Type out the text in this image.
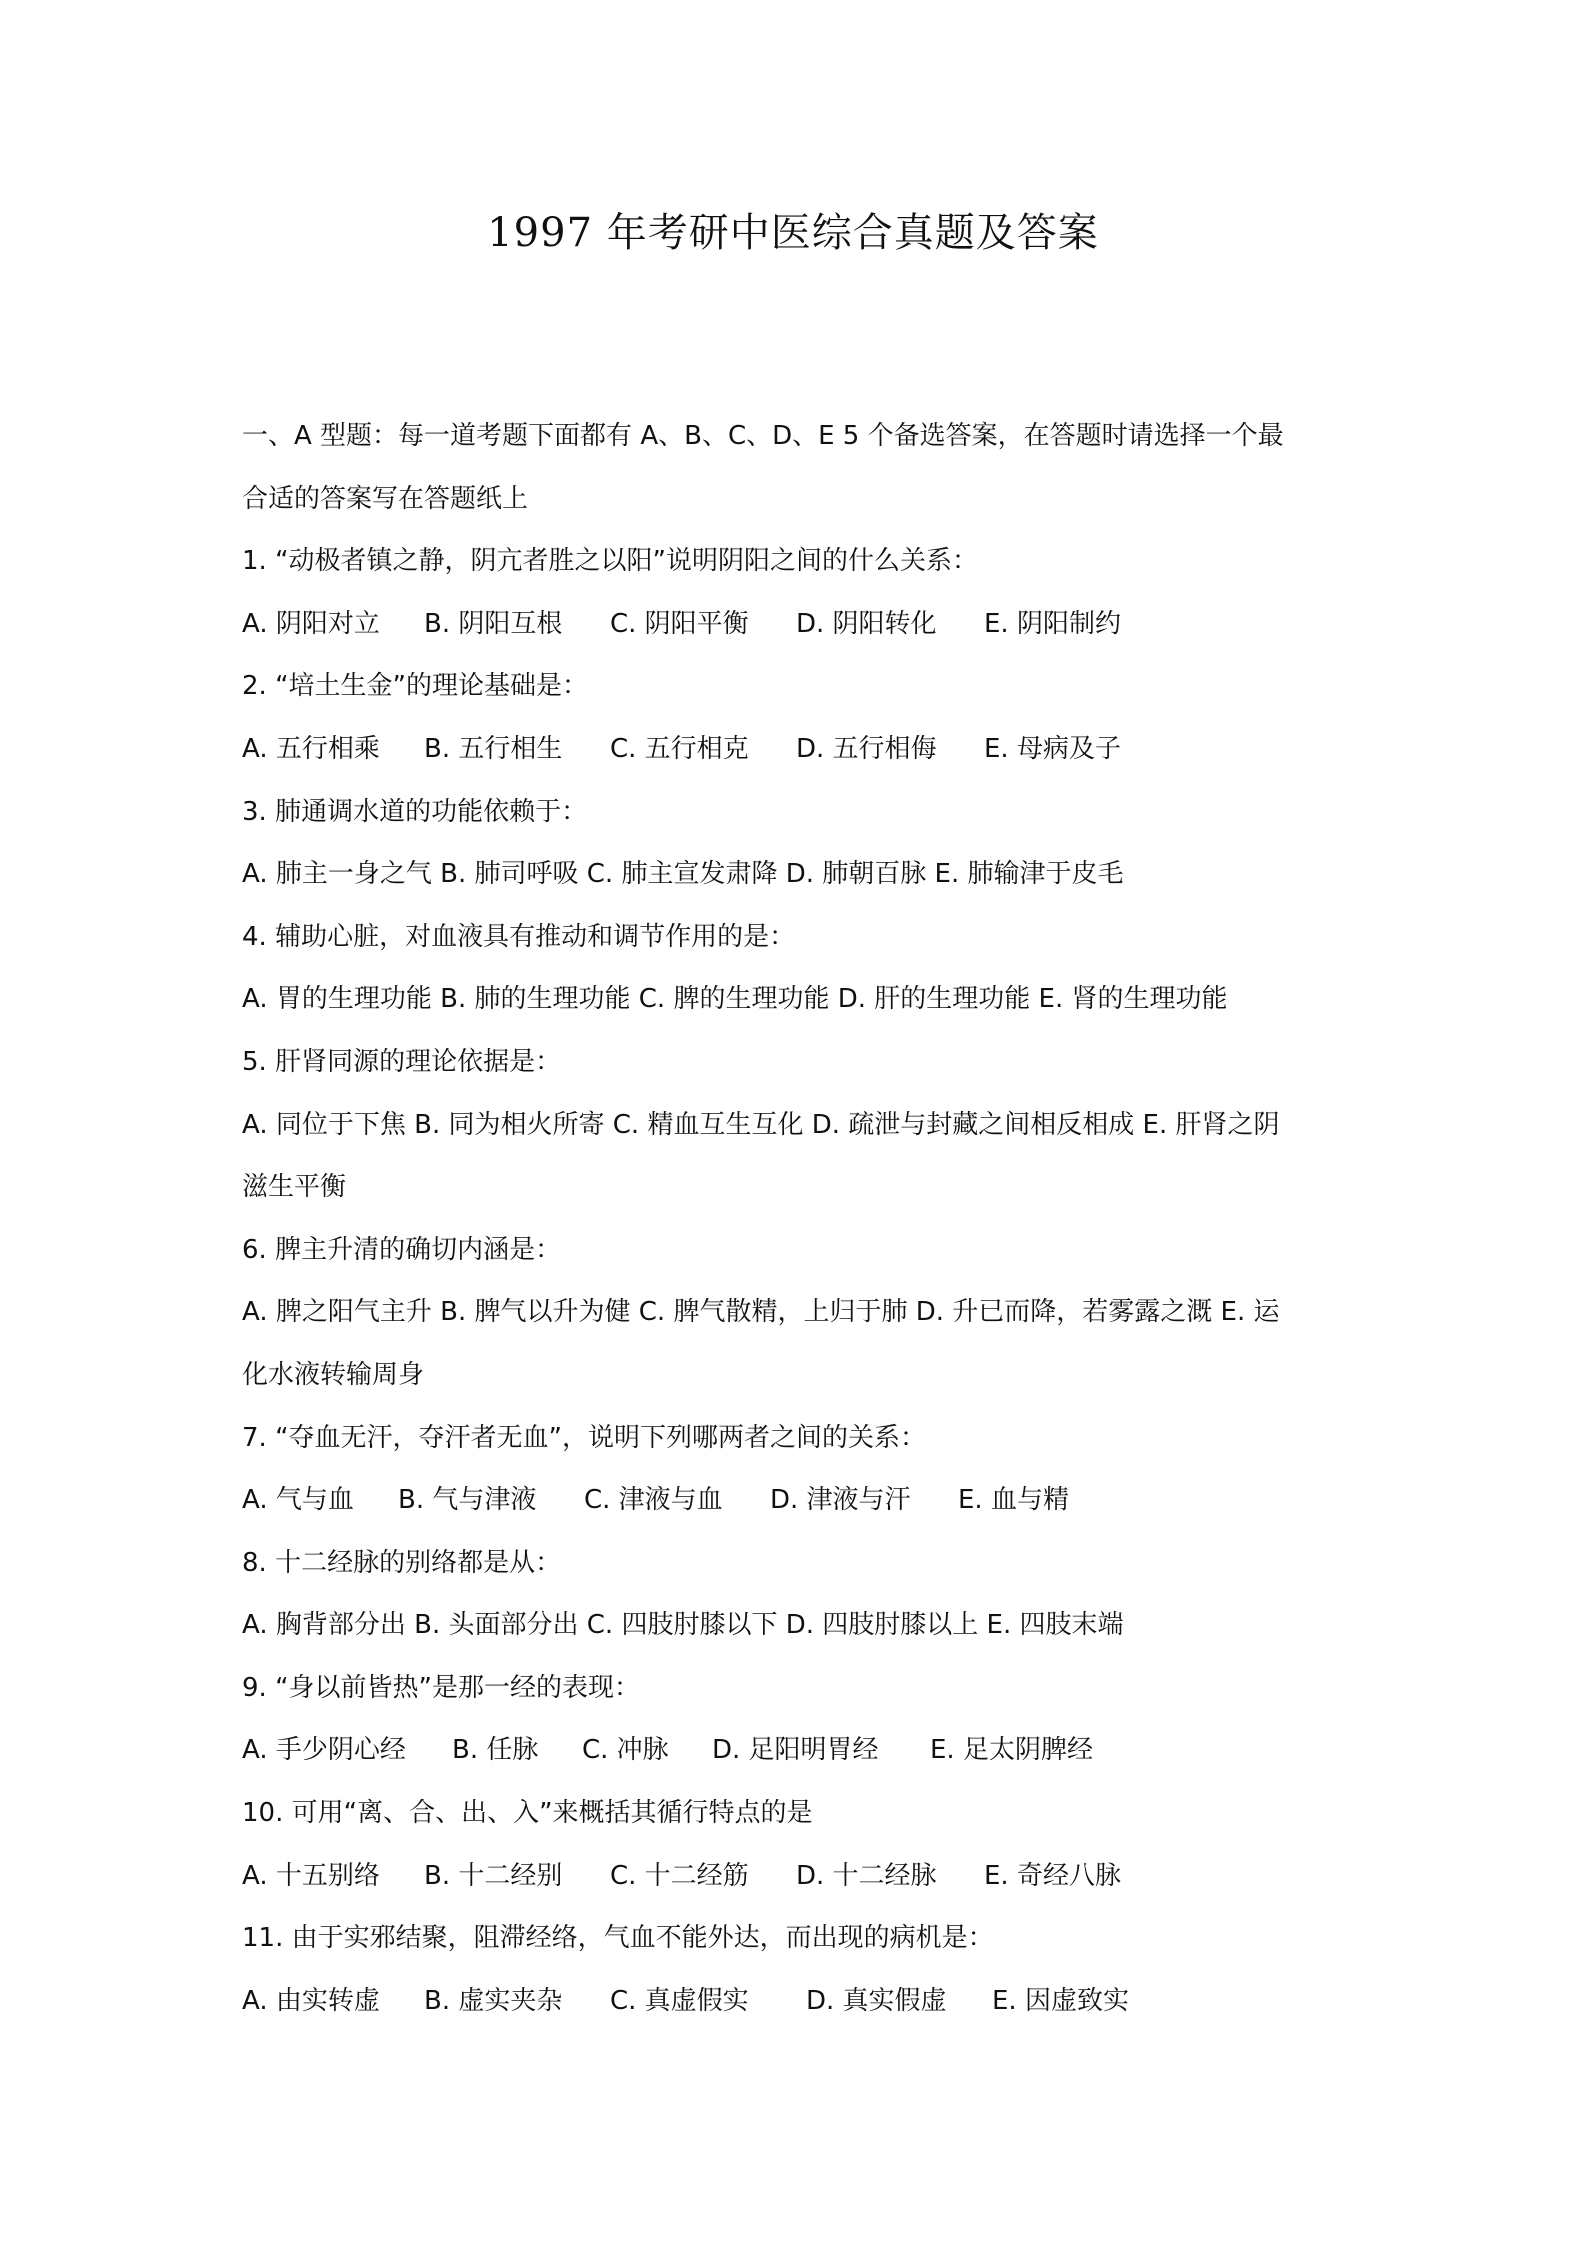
1997 年考研中医综合真题及答案
一、A 型题：每一道考题下面都有 A、B、C、D、E 5 个备选答案，在答题时请选择一个最
合适的答案写在答题纸上
1. “动极者镇之静，阴亢者胜之以阳”说明阴阳之间的什么关系：
A. 阴阳对立 B. 阴阳互根 C. 阴阳平衡 D. 阴阳转化 E. 阴阳制约
2. “培土生金”的理论基础是：
A. 五行相乘 B. 五行相生 C. 五行相克 D. 五行相侮 E. 母病及子
3. 肺通调水道的功能依赖于：
A. 肺主一身之气 B. 肺司呼吸 C. 肺主宣发肃降 D. 肺朝百脉 E. 肺输津于皮毛
4. 辅助心脏，对血液具有推动和调节作用的是：
A. 胃的生理功能 B. 肺的生理功能 C. 脾的生理功能 D. 肝的生理功能 E. 肾的生理功能
5. 肝肾同源的理论依据是：
A. 同位于下焦 B. 同为相火所寄 C. 精血互生互化 D. 疏泄与封藏之间相反相成 E. 肝肾之阴
滋生平衡
6. 脾主升清的确切内涵是：
A. 脾之阳气主升 B. 脾气以升为健 C. 脾气散精，上归于肺 D. 升已而降，若雾露之溉 E. 运
化水液转输周身
7. “夺血无汗，夺汗者无血”，说明下列哪两者之间的关系：
A. 气与血 B. 气与津液 C. 津液与血 D. 津液与汗 E. 血与精
8. 十二经脉的别络都是从：
A. 胸背部分出 B. 头面部分出 C. 四肢肘膝以下 D. 四肢肘膝以上 E. 四肢末端
9. “身以前皆热”是那一经的表现：
A. 手少阴心经 B. 任脉 C. 冲脉 D. 足阳明胃经 E. 足太阴脾经
10. 可用“离、合、出、入”来概括其循行特点的是
A. 十五别络 B. 十二经别 C. 十二经筋 D. 十二经脉 E. 奇经八脉
11. 由于实邪结聚，阻滞经络，气血不能外达，而出现的病机是：
A. 由实转虚 B. 虚实夹杂 C. 真虚假实 D. 真实假虚 E. 因虚致实
